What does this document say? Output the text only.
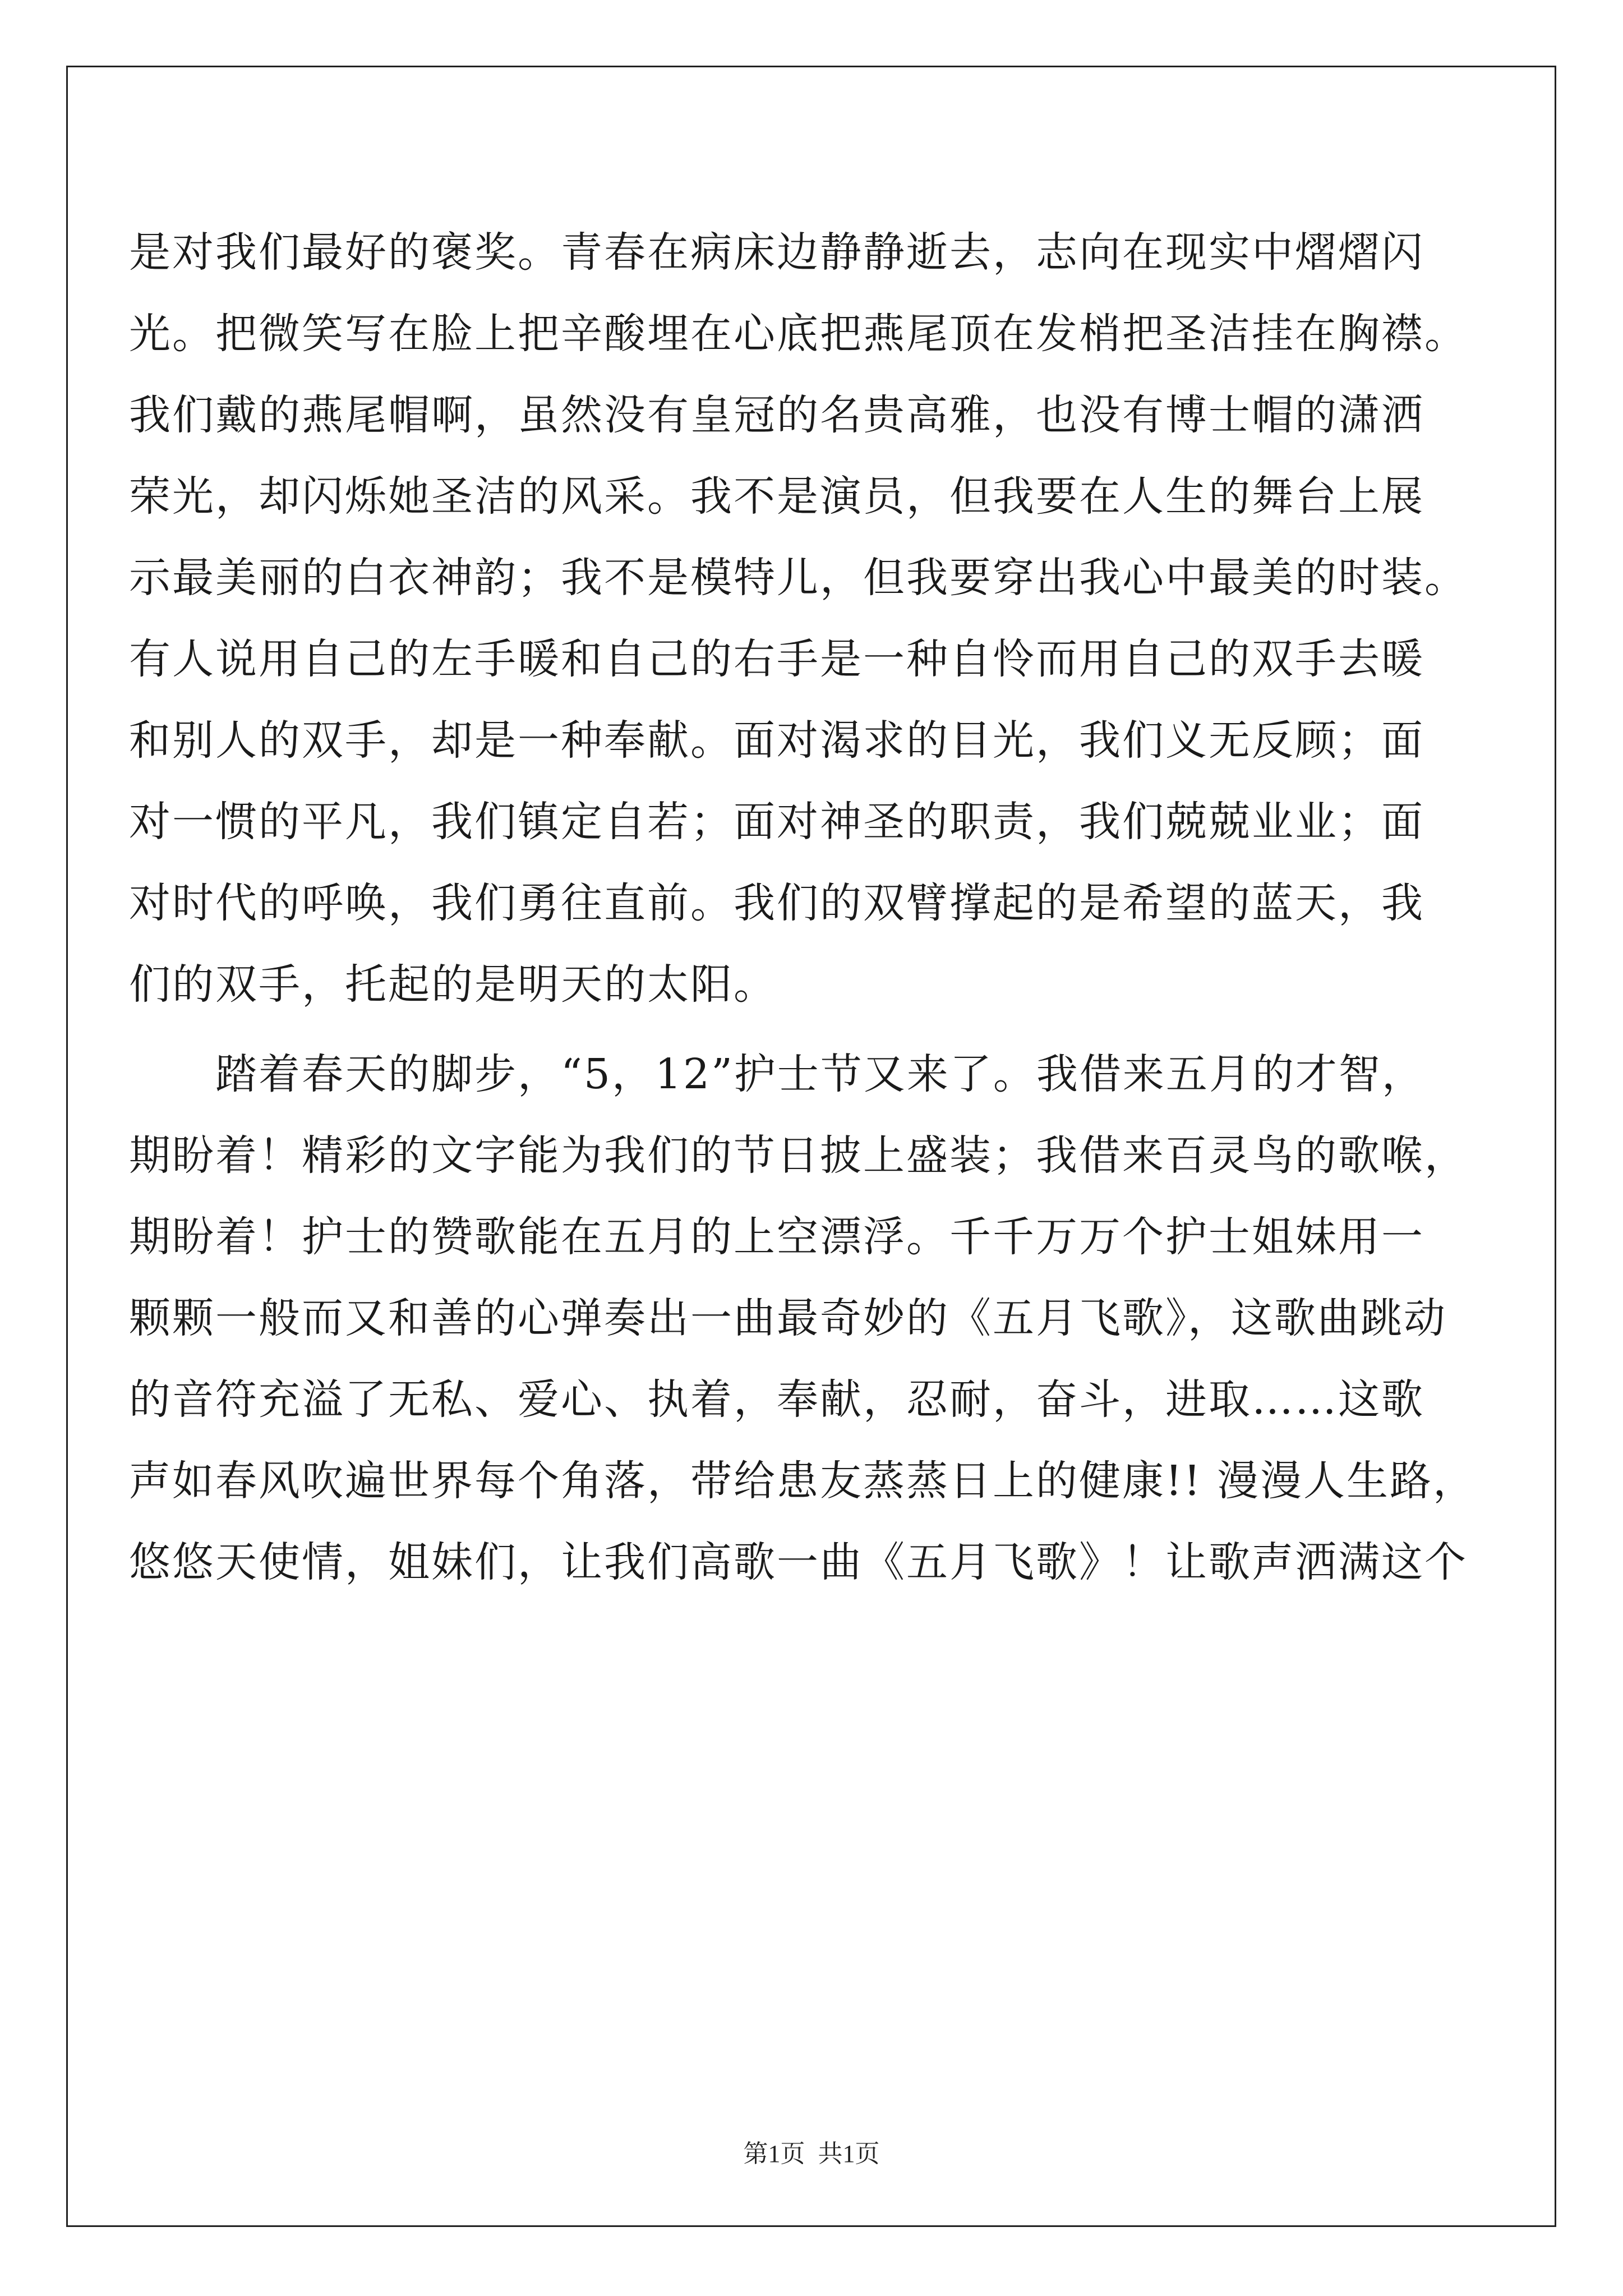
是对我们最好的褒奖。青春在病床边静静逝去，志向在现实中熠熠闪
光。把微笑写在脸上把辛酸埋在心底把燕尾顶在发梢把圣洁挂在胸襟。
我们戴的燕尾帽啊，虽然没有皇冠的名贵高雅，也没有博士帽的潇洒
荣光，却闪烁她圣洁的风采。我不是演员，但我要在人生的舞台上展
示最美丽的白衣神韵；我不是模特儿，但我要穿出我心中最美的时装。
有人说用自己的左手暖和自己的右手是一种自怜而用自己的双手去暖
和别人的双手，却是一种奉献。面对渴求的目光，我们义无反顾；面
对一惯的平凡，我们镇定自若；面对神圣的职责，我们兢兢业业；面
对时代的呼唤，我们勇往直前。我们的双臂撑起的是希望的蓝天，我
们的双手，托起的是明天的太阳。
　　踏着春天的脚步，“5，12”护士节又来了。我借来五月的才智，
期盼着！精彩的文字能为我们的节日披上盛装；我借来百灵鸟的歌喉，
期盼着！护士的赞歌能在五月的上空漂浮。千千万万个护士姐妹用一
颗颗一般而又和善的心弹奏出一曲最奇妙的《五月飞歌》，这歌曲跳动
的音符充溢了无私、爱心、执着，奉献，忍耐，奋斗，进取……这歌
声如春风吹遍世界每个角落，带给患友蒸蒸日上的健康!! 漫漫人生路，
悠悠天使情，姐妹们，让我们高歌一曲《五月飞歌》！让歌声洒满这个
第1页 共1页
